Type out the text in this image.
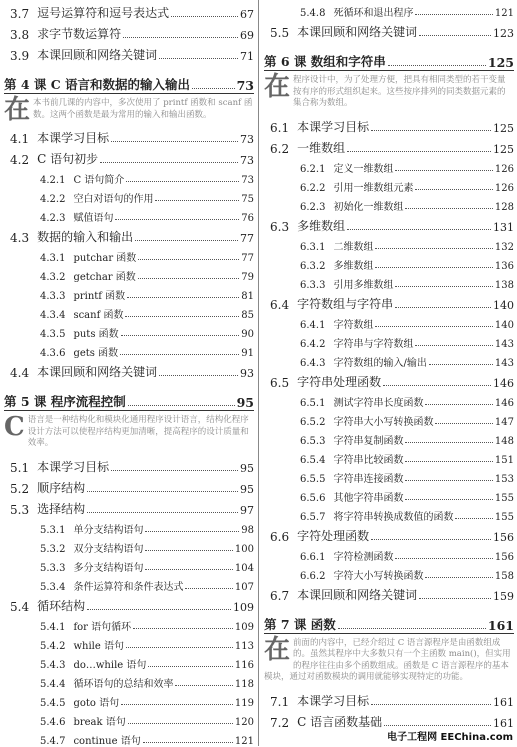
3.7 逗号运算符和逗号表达式	67
3.8 求字节数运算符	69
3.9 本课回顾和网络关键词	71
第 4 课 C 语言和数据的输入输出	73
在 本书前几课的内容中，多次使用了 printf 函数和 scanf 函数。这两个函数是最为常用的输入和输出函数。
4.1 本课学习目标	73
4.2 C 语句初步	73
4.2.1 C 语句简介	73
4.2.2 空白对语句的作用	75
4.2.3 赋值语句	76
4.3 数据的输入和输出	77
4.3.1 putchar 函数	77
4.3.2 getchar 函数	79
4.3.3 printf 函数	81
4.3.4 scanf 函数	85
4.3.5 puts 函数	90
4.3.6 gets 函数	91
4.4 本课回顾和网络关键词	93
第 5 课 程序流程控制	95
C 语言是一种结构化和模块化通用程序设计语言，结构化程序设计方法可以使程序结构更加清晰，提高程序的设计质量和效率。
5.1 本课学习目标	95
5.2 顺序结构	95
5.3 选择结构	97
5.3.1 单分支结构语句	98
5.3.2 双分支结构语句	100
5.3.3 多分支结构语句	104
5.3.4 条件运算符和条件表达式	107
5.4 循环结构	109
5.4.1 for 语句循环	109
5.4.2 while 语句	113
5.4.3 do…while 语句	116
5.4.4 循环语句的总结和效率	118
5.4.5 goto 语句	119
5.4.6 break 语句	120
5.4.7 continue 语句	121
5.4.8 死循环和退出程序	121
5.5 本课回顾和网络关键词	123
第 6 课 数组和字符串	125
在 程序设计中，为了处理方便，把具有相同类型的若干变量按有序的形式组织起来。这些按序排列的同类数据元素的集合称为数组。
6.1 本课学习目标	125
6.2 一维数组	125
6.2.1 定义一维数组	126
6.2.2 引用一维数组元素	126
6.2.3 初始化一维数组	128
6.3 多维数组	131
6.3.1 二维数组	132
6.3.2 多维数组	136
6.3.3 引用多维数组	138
6.4 字符数组与字符串	140
6.4.1 字符数组	140
6.4.2 字符串与字符数组	143
6.4.3 字符数组的输入/输出	143
6.5 字符串处理函数	146
6.5.1 测试字符串长度函数	146
6.5.2 字符串大小写转换函数	147
6.5.3 字符串复制函数	148
6.5.4 字符串比较函数	151
6.5.5 字符串连接函数	153
6.5.6 其他字符串函数	155
6.5.7 将字符串转换成数值的函数	155
6.6 字符处理函数	156
6.6.1 字符检测函数	156
6.6.2 字符大小写转换函数	158
6.7 本课回顾和网络关键词	159
第 7 课 函数	161
在 前面的内容中，已经介绍过 C 语言源程序是由函数组成的。虽然其程序中大多数只有一个主函数 main()，但实用的程序往往由多个函数组成。函数是 C 语言源程序的基本模块，通过对函数模块的调用就能够实现特定的功能。
7.1 本课学习目标	161
7.2 C 语言函数基础	161
电子工程网 EEChina.com
